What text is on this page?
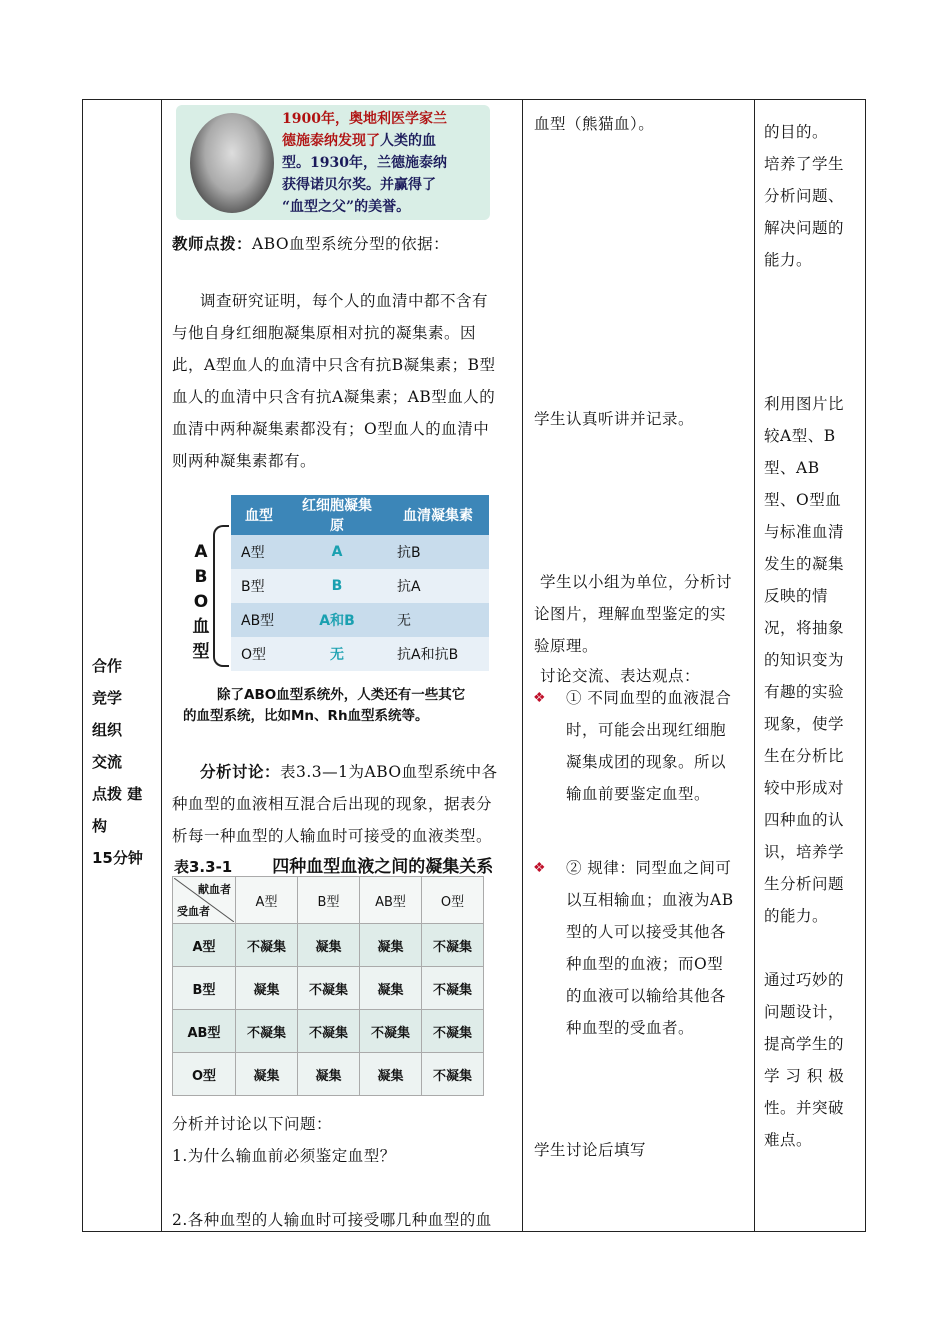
合作
竞学
组织
交流
点拨 建
构
15分钟
1900年，奥地利医学家兰
德施泰纳发现了人类的血
型。1930年，兰德施泰纳
获得诺贝尔奖。并赢得了
“血型之父”的美誉。
教师点拨：ABO血型系统分型的依据：
调查研究证明，每个人的血清中都不含有
与他自身红细胞凝集原相对抗的凝集素。因
此，A型血人的血清中只含有抗B凝集素；B型
血人的血清中只含有抗A凝集素；AB型血人的
血清中两种凝集素都没有；O型血人的血清中
则两种凝集素都有。
A
B
O
血
型
血型	红细胞凝集原	血清凝集素
A型	A	抗B
B型	B	抗A
AB型	A和B	无
O型	无	抗A和抗B
除了ABO血型系统外，人类还有一些其它
的血型系统，比如Mn、Rh血型系统等。
分析讨论：表3.3—1为ABO血型系统中各
种血型的血液相互混合后出现的现象，据表分
析每一种血型的人输血时可接受的血液类型。
表3.3-1 四种血型血液之间的凝集关系
献血者
受血者	A型	B型	AB型	O型
A型	不凝集	凝集	凝集	不凝集
B型	凝集	不凝集	凝集	不凝集
AB型	不凝集	不凝集	不凝集	不凝集
O型	凝集	凝集	凝集	不凝集
分析并讨论以下问题：
1.为什么输血前必须鉴定血型？
2.各种血型的人输血时可接受哪几种血型的血
血型（熊猫血）。
学生认真听讲并记录。
学生以小组为单位，分析讨
论图片，理解血型鉴定的实
验原理。
讨论交流、表达观点：
❖ ① 不同血型的血液混合
时，可能会出现红细胞
凝集成团的现象。所以
输血前要鉴定血型。
❖ ② 规律：同型血之间可
以互相输血；血液为AB
型的人可以接受其他各
种血型的血液；而O型
的血液可以输给其他各
种血型的受血者。
学生讨论后填写
的目的。
培养了学生
分析问题、
解决问题的
能力。
利用图片比
较A型、B
型、AB
型、O型血
与标准血清
发生的凝集
反映的情
况，将抽象
的知识变为
有趣的实验
现象，使学
生在分析比
较中形成对
四种血的认
识，培养学
生分析问题
的能力。
通过巧妙的
问题设计，
提高学生的
学 习 积 极
性。并突破
难点。
